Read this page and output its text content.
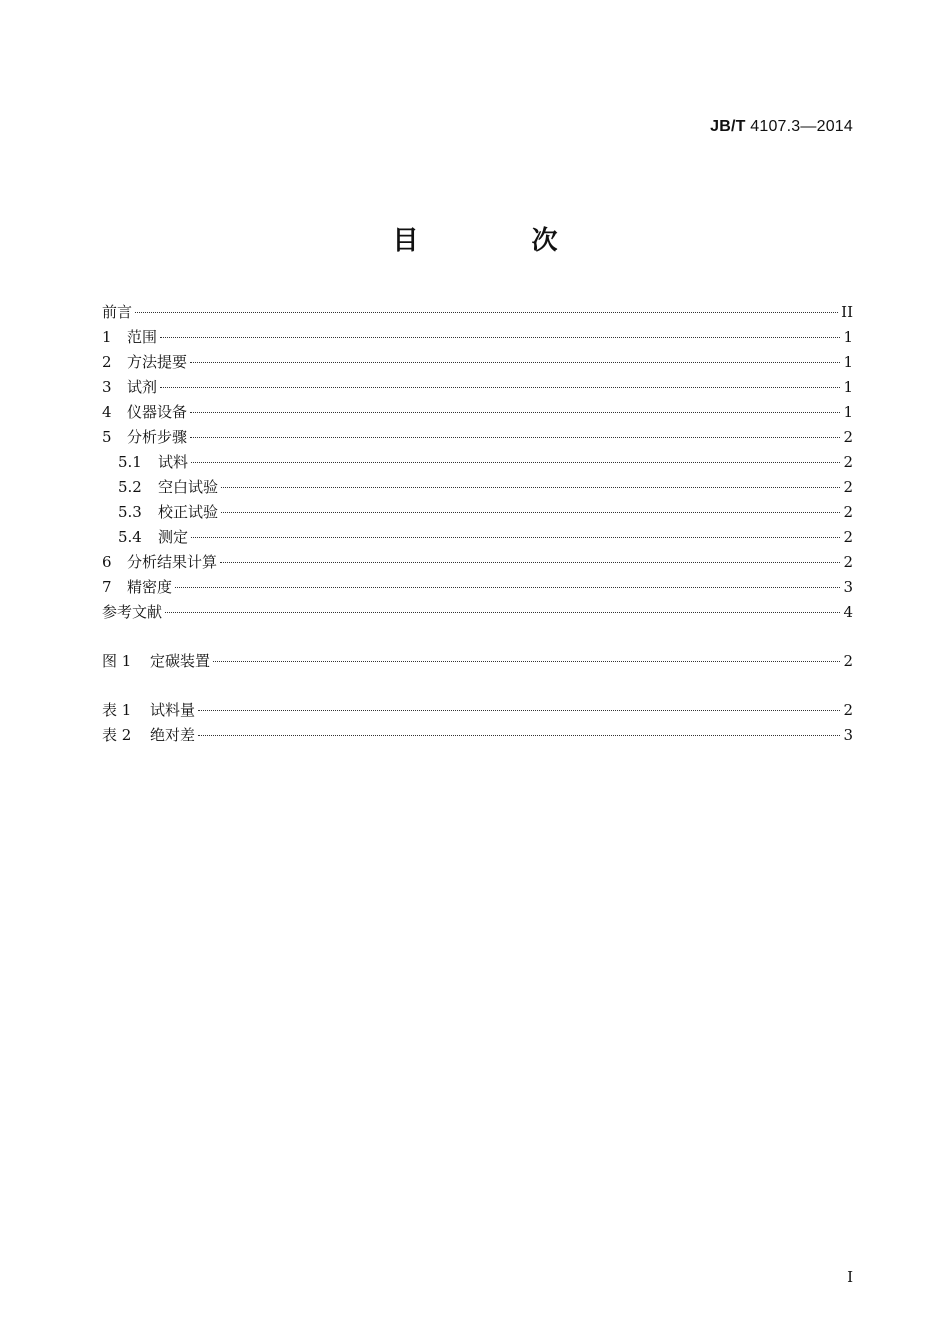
JB/T 4107.3—2014
目 次
前言	II
1 范围	1
2 方法提要	1
3 试剂	1
4 仪器设备	1
5 分析步骤	2
5.1 试料	2
5.2 空白试验	2
5.3 校正试验	2
5.4 测定	2
6 分析结果计算	2
7 精密度	3
参考文献	4
图 1 定碳装置	2
表 1 试料量	2
表 2 绝对差	3
I
